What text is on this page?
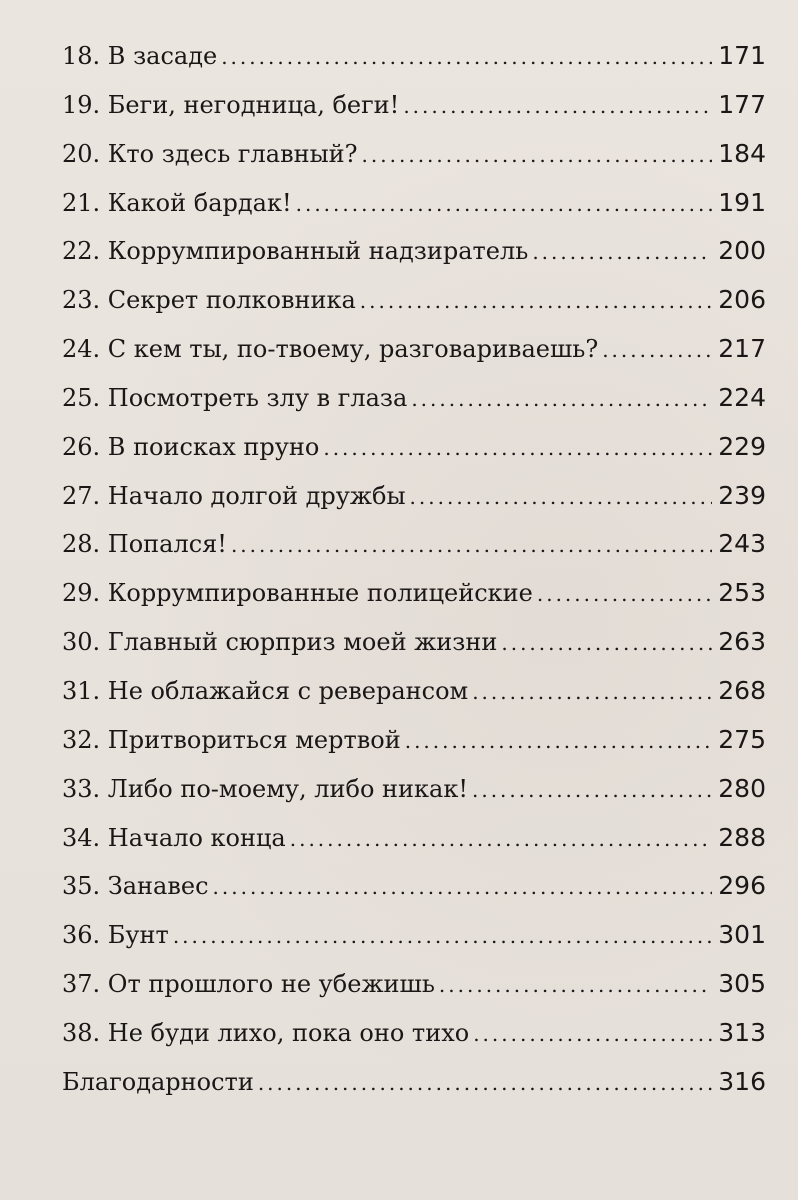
18. В засаде .....	171
19. Беги, негодница, беги! .....	177
20. Кто здесь главный? .....	184
21. Какой бардак! .....	191
22. Коррумпированный надзиратель .....	200
23. Секрет полковника .....	206
24. С кем ты, по-твоему, разговариваешь? .....	217
25. Посмотреть злу в глаза .....	224
26. В поисках пруно .....	229
27. Начало долгой дружбы .....	239
28. Попался! .....	243
29. Коррумпированные полицейские .....	253
30. Главный сюрприз моей жизни .....	263
31. Не облажайся с реверансом .....	268
32. Притвориться мертвой .....	275
33. Либо по-моему, либо никак! .....	280
34. Начало конца .....	288
35. Занавес .....	296
36. Бунт .....	301
37. От прошлого не убежишь .....	305
38. Не буди лихо, пока оно тихо .....	313
Благодарности .....	316
